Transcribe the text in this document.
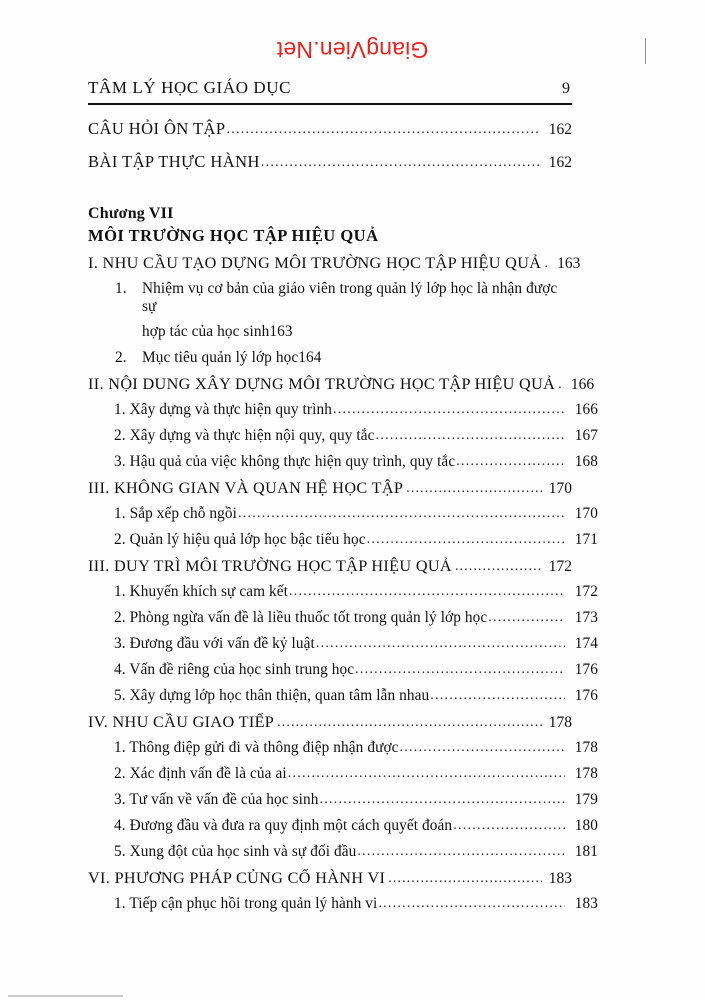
GiangVien.Net
TÂM LÝ HỌC GIÁO DỤC	9
CÂU HỎI ÔN TẬP .....	162
BÀI TẬP THỰC HÀNH .....	162
Chương VII
MÔI TRƯỜNG HỌC TẬP HIỆU QUẢ
I. NHU CẦU TẠO DỰNG MÔI TRƯỜNG HỌC TẬP HIỆU QUẢ .....	163
1.	Nhiệm vụ cơ bản của giáo viên trong quản lý lớp học là nhận được sự
hợp tác của học sinh 163
2.	Mục tiêu quản lý lớp học 164
II. NỘI DUNG XÂY DỰNG MÔI TRƯỜNG HỌC TẬP HIỆU QUẢ .....	166
1. Xây dựng và thực hiện quy trình .....	166
2. Xây dựng và thực hiện nội quy, quy tắc .....	167
3. Hậu quả của việc không thực hiện quy trình, quy tắc .....	168
III. KHÔNG GIAN VÀ QUAN HỆ HỌC TẬP .....	170
1. Sắp xếp chỗ ngồi .....	170
2. Quản lý hiệu quả lớp học bậc tiểu học .....	171
III. DUY TRÌ MÔI TRƯỜNG HỌC TẬP HIỆU QUẢ .....	172
1. Khuyến khích sự cam kết .....	172
2. Phòng ngừa vấn đề là liều thuốc tốt trong quản lý lớp học .....	173
3. Đương đầu với vấn đề kỷ luật .....	174
4. Vấn đề riêng của học sinh trung học .....	176
5. Xây dựng lớp học thân thiện, quan tâm lẫn nhau .....	176
IV. NHU CẦU GIAO TIẾP .....	178
1. Thông điệp gửi đi và thông điệp nhận được .....	178
2. Xác định vấn đề là của ai .....	178
3. Tư vấn về vấn đề của học sinh .....	179
4. Đương đầu và đưa ra quy định một cách quyết đoán .....	180
5. Xung đột của học sinh và sự đối đầu .....	181
VI. PHƯƠNG PHÁP CỦNG CỐ HÀNH VI .....	183
1. Tiếp cận phục hồi trong quản lý hành vi .....	183
